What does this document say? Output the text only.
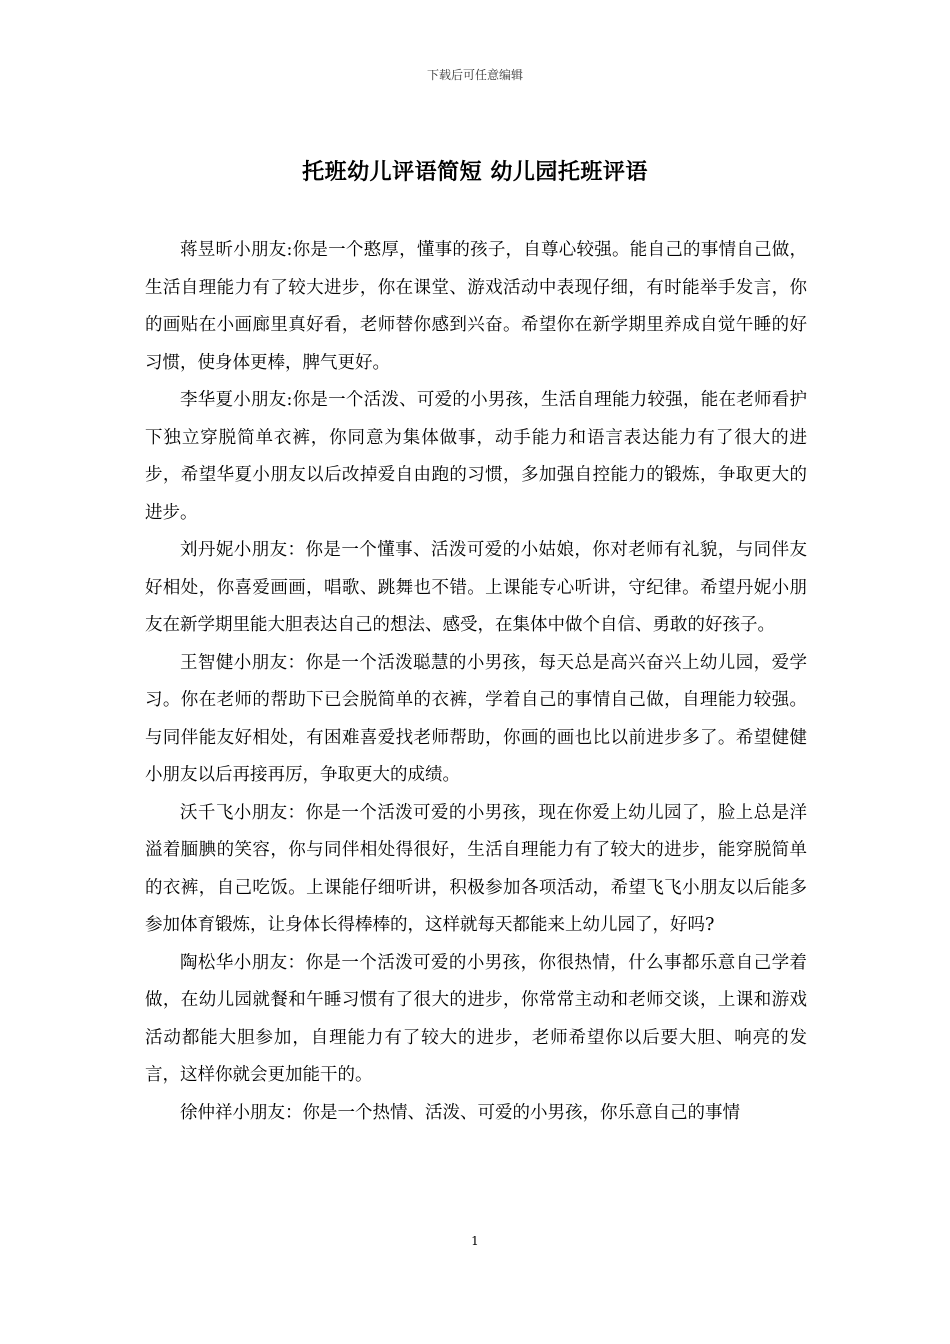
下载后可任意编辑
托班幼儿评语简短 幼儿园托班评语

蒋昱昕小朋友:你是一个憨厚，懂事的孩子，自尊心较强。能自己的事情自己做，生活自理能力有了较大进步，你在课堂、游戏活动中表现仔细，有时能举手发言，你的画贴在小画廊里真好看，老师替你感到兴奋。希望你在新学期里养成自觉午睡的好习惯，使身体更棒，脾气更好。

李华夏小朋友:你是一个活泼、可爱的小男孩，生活自理能力较强，能在老师看护下独立穿脱简单衣裤，你同意为集体做事，动手能力和语言表达能力有了很大的进步，希望华夏小朋友以后改掉爱自由跑的习惯，多加强自控能力的锻炼，争取更大的进步。

刘丹妮小朋友：你是一个懂事、活泼可爱的小姑娘，你对老师有礼貌，与同伴友好相处，你喜爱画画，唱歌、跳舞也不错。上课能专心听讲，守纪律。希望丹妮小朋友在新学期里能大胆表达自己的想法、感受，在集体中做个自信、勇敢的好孩子。

王智健小朋友：你是一个活泼聪慧的小男孩，每天总是高兴奋兴上幼儿园，爱学习。你在老师的帮助下已会脱简单的衣裤，学着自己的事情自己做，自理能力较强。与同伴能友好相处，有困难喜爱找老师帮助，你画的画也比以前进步多了。希望健健小朋友以后再接再厉，争取更大的成绩。

沃千飞小朋友：你是一个活泼可爱的小男孩，现在你爱上幼儿园了，脸上总是洋溢着腼腆的笑容，你与同伴相处得很好，生活自理能力有了较大的进步，能穿脱简单的衣裤，自己吃饭。上课能仔细听讲，积极参加各项活动，希望飞飞小朋友以后能多参加体育锻炼，让身体长得棒棒的，这样就每天都能来上幼儿园了，好吗?

陶松华小朋友：你是一个活泼可爱的小男孩，你很热情，什么事都乐意自己学着做，在幼儿园就餐和午睡习惯有了很大的进步，你常常主动和老师交谈，上课和游戏活动都能大胆参加，自理能力有了较大的进步，老师希望你以后要大胆、响亮的发言，这样你就会更加能干的。

徐仲祥小朋友：你是一个热情、活泼、可爱的小男孩，你乐意自己的事情

1
